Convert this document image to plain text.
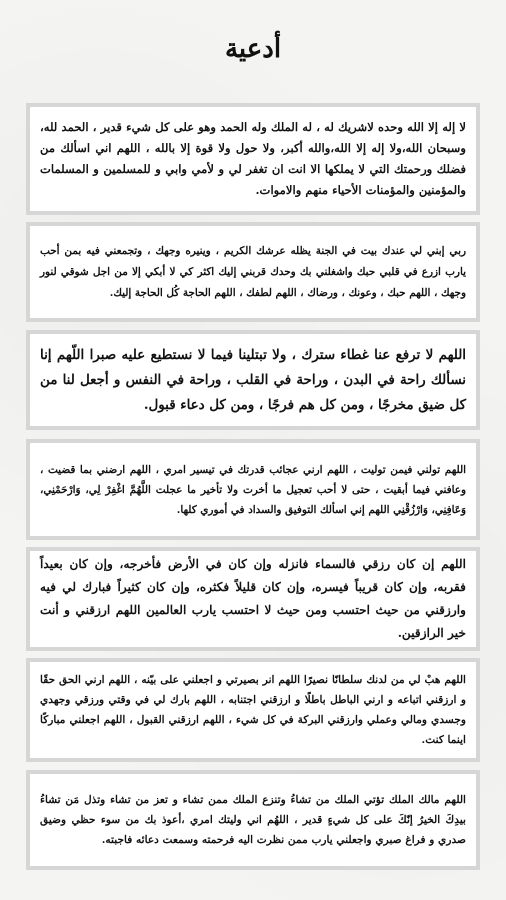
أدعية

لا إله إلا الله وحده لاشريك له ، له الملك وله الحمد وهو على كل شيء قدير ، الحمد لله، وسبحان الله،ولا إله إلا الله،والله أكبر، ولا حول ولا قوة إلا بالله ، اللهم اني اسألك من فضلك ورحمتك التي لا يملكها الا انت ان تغفر لي و لأمي وابي و للمسلمين و المسلمات والمؤمنين والمؤمنات الأحياء منهم والاموات.

ربي إبني لي عندك بيت في الجنة يظله عرشك الكريم ، وينيره وجهك ، وتجمعني فيه بمن أحب يارب ازرع في قلبي حبك واشغلني بك وحدك قربني إليك اكثر كي لا أبكي إلا من اجل شوقي لنور وجهك ، اللهم حبك ، وعونك ، ورضاك ، اللهم لطفك ، اللهم الحاجة كُل الحاجة إليك.

اللهم لا ترفع عنا غطاء سترك ، ولا تبتلينا فيما لا نستطيع عليه صبرا اللّهم إنا نسألك راحة في البدن ، وراحة في القلب ، وراحة في النفس و أجعل لنا من كل ضيق مخرجًا ، ومن كل هم فرجًا ، ومن كل دعاء قبول.

اللهم تولني فيمن توليت ، اللهم ارني عجائب قدرتك في تيسير امري ، اللهم ارضني بما قضيت ، وعافني فيما أبقيت ، حتى لا أحب تعجيل ما أخرت ولا تأخير ما عجلت اللَّهُمَّ اغْفِرْ لِي، وَارْحَمْنِي، وَعَافِنِي، وَارْزُقْنِي اللهم إني اسألك التوفيق والسداد في أموري كلها.

اللهم إن كان رزقي فالسماء فانزله وإن كان في الأرض فأخرجه، وإن كان بعيداً فقربه، وإن كان قريباً فيسره، وإن كان قليلاً فكثره، وإن كان كثيراً فبارك لي فيه وارزقني من حيث احتسب ومن حيث لا احتسب يارب العالمين اللهم ارزقني و أنت خير الرازقين.

اللهم هبْ لي من لدنك سلطانًا نصيرًا اللهم انر بصيرتي و اجعلني على بيّنه ، اللهم ارني الحق حقًا و ارزقني اتباعه و ارني الباطل باطلًا و ارزقني اجتنابه ، اللهم بارك لي في وقتي ورزقي وجهدي وجسدي ومالي وعملي وارزقني البركة في كل شيء ، اللهم ارزقني القبول ، اللهم اجعلني مباركًا اينما كنت.

اللهم مالك الملك تؤتي الملك من تشاءُ وتنزع الملك ممن تشاء و تعز من تشاء وتذل مَن تشاءُ بيدِكَ الخيرُ إنّكَ على كل شيءٍ قدير ، اللهُم اني وليتك امري ،أعوذ بك من سوء حظي وضيق صدري و فراغ صبري واجعلني يارب ممن نظرت اليه فرحمته وسمعت دعائه فاجبته.
